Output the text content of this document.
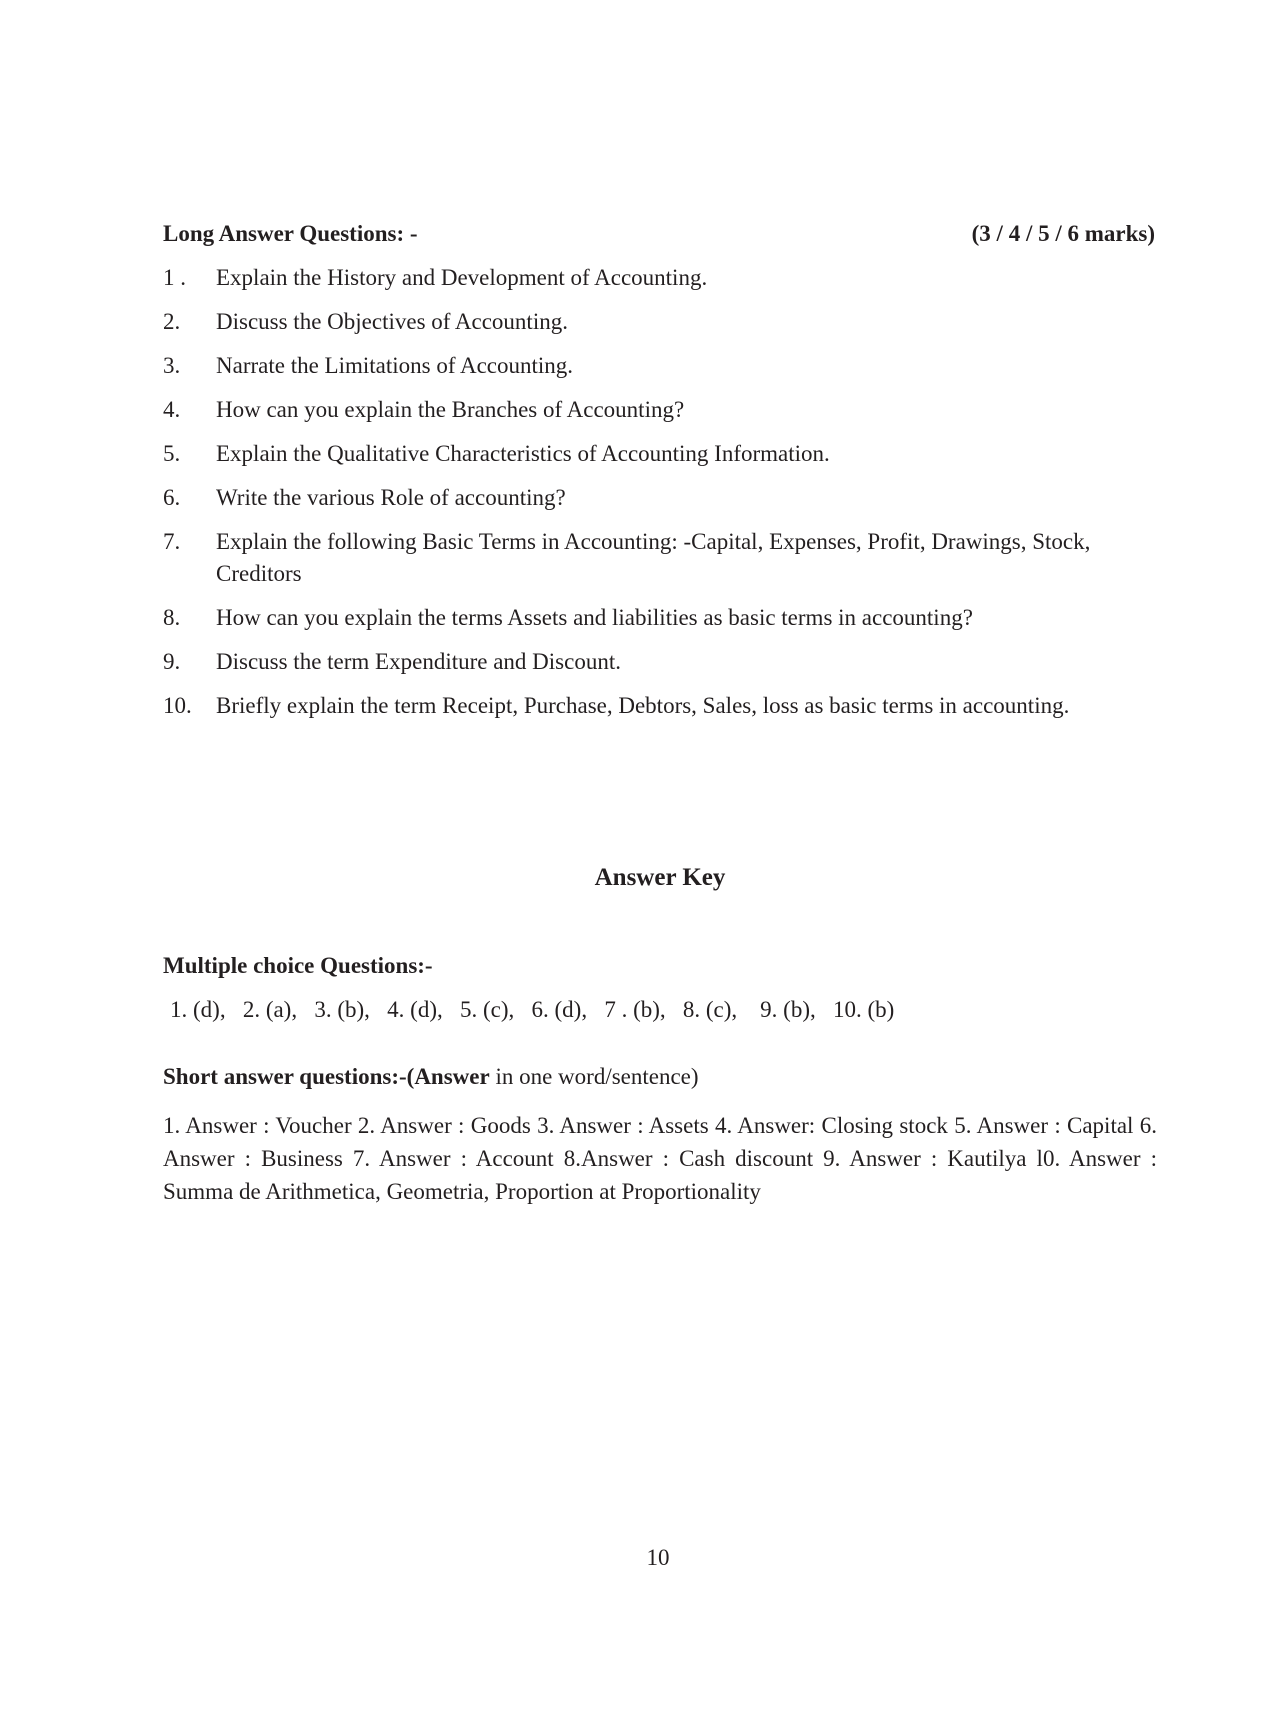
Long Answer Questions: -	(3 / 4 / 5 / 6 marks)
1 .	Explain the History and Development of Accounting.
2.	Discuss the Objectives of Accounting.
3.	Narrate the Limitations of Accounting.
4.	How can you explain the Branches of Accounting?
5.	Explain the Qualitative Characteristics of Accounting Information.
6.	Write the various Role of accounting?
7.	Explain the following Basic Terms in Accounting: -Capital, Expenses, Profit, Drawings, Stock, Creditors
8.	How can you explain the terms Assets and liabilities as basic terms in accounting?
9.	Discuss the term Expenditure and Discount.
10.	Briefly explain the term Receipt, Purchase, Debtors, Sales, loss as basic terms in accounting.
Answer Key
Multiple choice Questions:-
1. (d),   2. (a),   3. (b),   4. (d),   5. (c),   6. (d),   7 . (b),   8. (c),    9. (b),   10. (b)
Short answer questions:-(Answer in one word/sentence)
1. Answer : Voucher 2. Answer : Goods 3. Answer : Assets 4. Answer: Closing stock 5. Answer : Capital 6. Answer : Business 7. Answer : Account 8.Answer : Cash discount 9. Answer : Kautilya l0. Answer : Summa de Arithmetica, Geometria, Proportion at Proportionality
10
